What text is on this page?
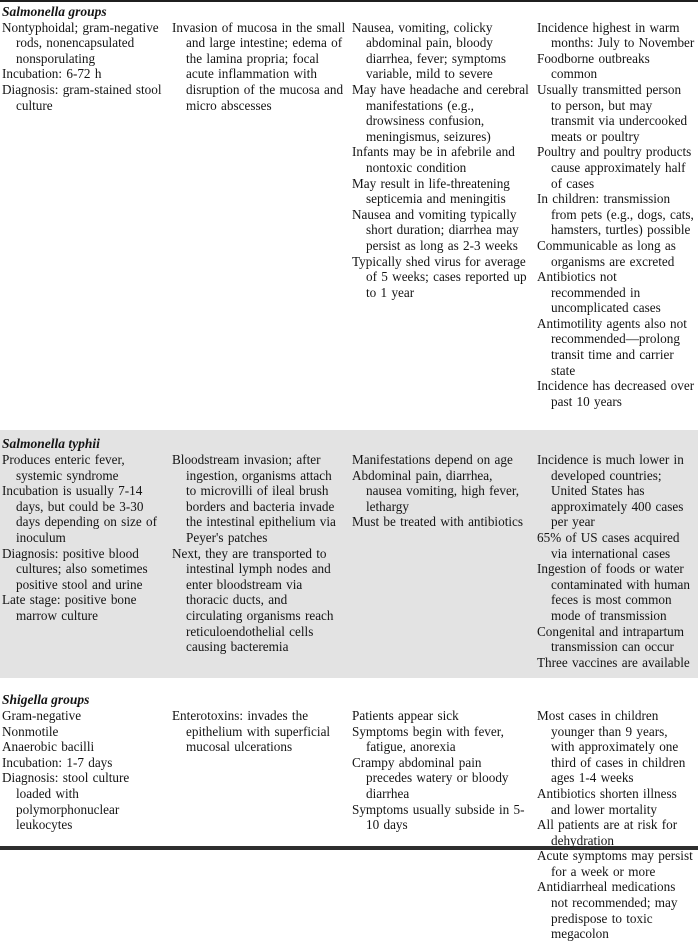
Salmonella groups

Nontyphoidal; gram-negative rods, nonencapsulated nonsporulating

Incubation: 6-72 h

Diagnosis: gram-stained stool culture

Invasion of mucosa in the small and large intestine; edema of the lamina propria; focal acute inflammation with disruption of the mucosa and micro abscesses

Nausea, vomiting, colicky abdominal pain, bloody diarrhea, fever; symptoms variable, mild to severe

May have headache and cerebral manifestations (e.g., drowsiness confusion, meningismus, seizures)

Infants may be in afebrile and nontoxic condition

May result in life-threatening septicemia and meningitis

Nausea and vomiting typically short duration; diarrhea may persist as long as 2-3 weeks

Typically shed virus for average of 5 weeks; cases reported up to 1 year

Incidence highest in warm months: July to November

Foodborne outbreaks common

Usually transmitted person to person, but may transmit via undercooked meats or poultry

Poultry and poultry products cause approximately half of cases

In children: transmission from pets (e.g., dogs, cats, hamsters, turtles) possible

Communicable as long as organisms are excreted

Antibiotics not recommended in uncomplicated cases

Antimotility agents also not recommended—prolong transit time and carrier state

Incidence has decreased over past 10 years

Salmonella typhii

Produces enteric fever, systemic syndrome

Incubation is usually 7-14 days, but could be 3-30 days depending on size of inoculum

Diagnosis: positive blood cultures; also sometimes positive stool and urine

Late stage: positive bone marrow culture

Bloodstream invasion; after ingestion, organisms attach to microvilli of ileal brush borders and bacteria invade the intestinal epithelium via Peyer's patches

Next, they are transported to intestinal lymph nodes and enter bloodstream via thoracic ducts, and circulating organisms reach reticuloendothelial cells causing bacteremia

Manifestations depend on age

Abdominal pain, diarrhea, nausea vomiting, high fever, lethargy

Must be treated with antibiotics

Incidence is much lower in developed countries; United States has approximately 400 cases per year

65% of US cases acquired via international cases

Ingestion of foods or water contaminated with human feces is most common mode of transmission

Congenital and intrapartum transmission can occur

Three vaccines are available

Shigella groups

Gram-negative

Nonmotile

Anaerobic bacilli

Incubation: 1-7 days

Diagnosis: stool culture loaded with polymorphonuclear leukocytes

Enterotoxins: invades the epithelium with superficial mucosal ulcerations

Patients appear sick

Symptoms begin with fever, fatigue, anorexia

Crampy abdominal pain precedes watery or bloody diarrhea

Symptoms usually subside in 5-10 days

Most cases in children younger than 9 years, with approximately one third of cases in children ages 1-4 weeks

Antibiotics shorten illness and lower mortality

All patients are at risk for dehydration

Acute symptoms may persist for a week or more

Antidiarrheal medications not recommended; may predispose to toxic megacolon
